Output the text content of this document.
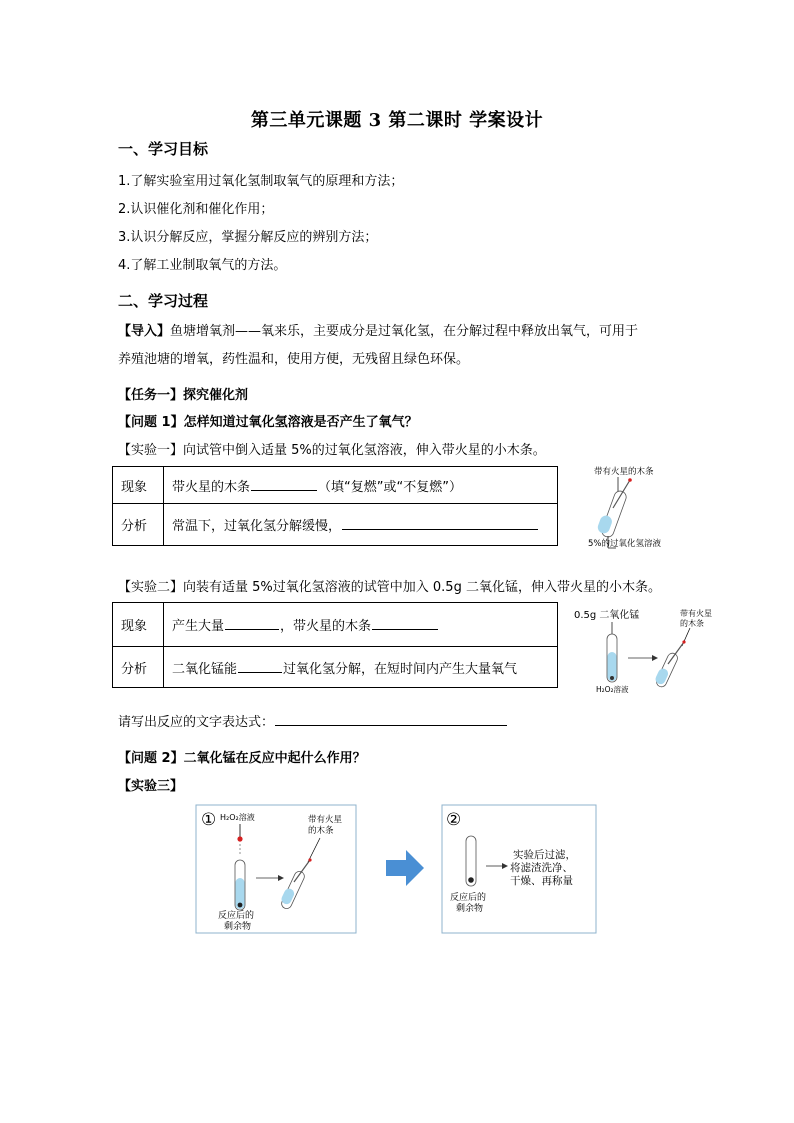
第三单元课题 3 第二课时 学案设计
一、学习目标
1.了解实验室用过氧化氢制取氧气的原理和方法；
2.认识催化剂和催化作用；
3.认识分解反应，掌握分解反应的辨别方法；
4.了解工业制取氧气的方法。
二、学习过程
【导入】鱼塘增氧剂——氧来乐，主要成分是过氧化氢，在分解过程中释放出氧气，可用于
养殖池塘的增氧，药性温和，使用方便，无残留且绿色环保。
【任务一】探究催化剂
【问题 1】怎样知道过氧化氢溶液是否产生了氧气？
【实验一】向试管中倒入适量 5%的过氧化氢溶液，伸入带火星的小木条。
现象	带火星的木条 （填“复燃”或“不复燃”）
分析	常温下，过氧化氢分解缓慢，
带有火星的木条
5%的过氧化氢溶液
【实验二】向装有适量 5%过氧化氢溶液的试管中加入 0.5g 二氧化锰，伸入带火星的小木条。
现象	产生大量 ，带火星的木条
分析	二氧化锰能 过氧化氢分解，在短时间内产生大量氧气
0.5g 二氧化锰
H₂O₂溶液
带有火星的木条
请写出反应的文字表达式：
【问题 2】二氧化锰在反应中起什么作用？
【实验三】
① H₂O₂溶液
反应后的剩余物
带有火星的木条
②
反应后的剩余物
实验后过滤，将滤渣洗净、干燥、再称量
